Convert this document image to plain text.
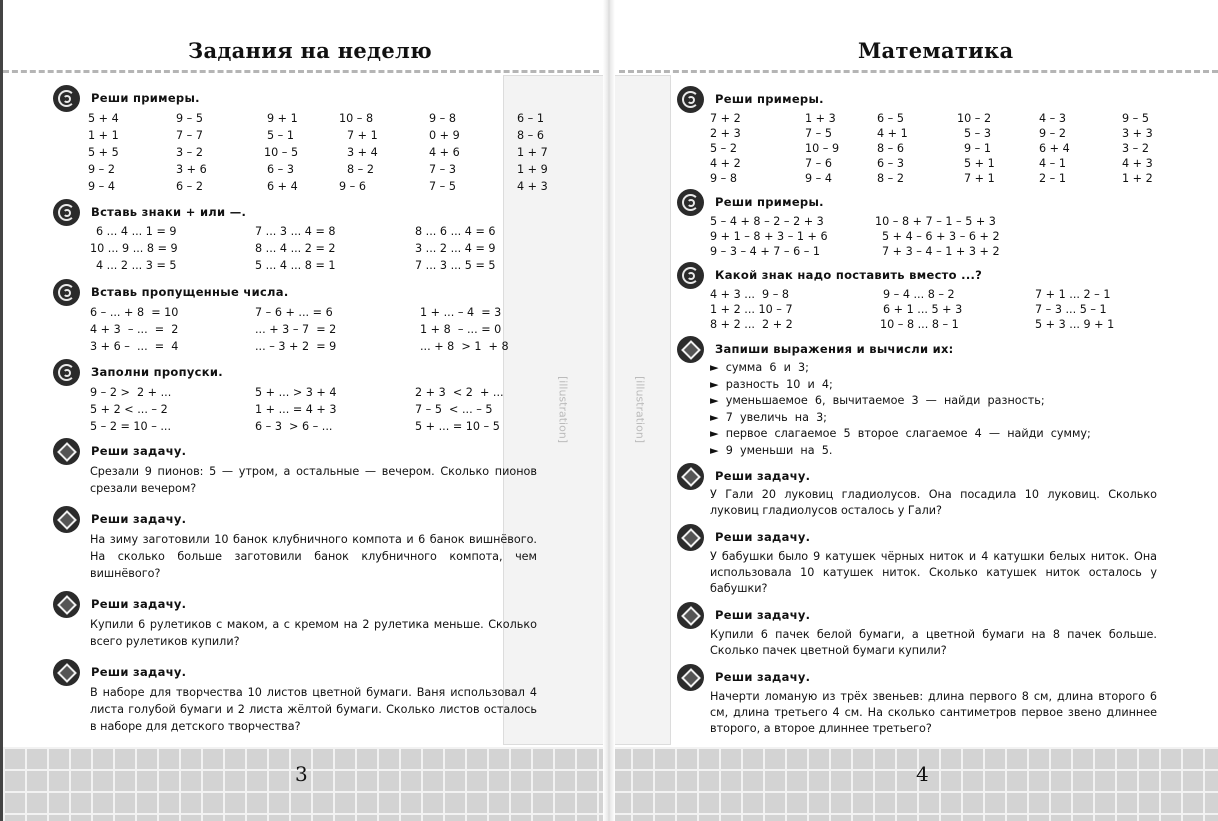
Задания на неделю
[illustration]
Реши примеры.
5 + 4	9 – 5	9 + 1	10 – 8	9 – 8	6 – 1
1 + 1	7 – 7	5 – 1	7 + 1	0 + 9	8 – 6
5 + 5	3 – 2	10 – 5	3 + 4	4 + 6	1 + 7
9 – 2	3 + 6	6 – 3	8 – 2	7 – 3	1 + 9
9 – 4	6 – 2	6 + 4	9 – 6	7 – 5	4 + 3
Вставь знаки + или —.
6 ... 4 ... 1 = 9	7 ... 3 ... 4 = 8	8 ... 6 ... 4 = 6
10 ... 9 ... 8 = 9	8 ... 4 ... 2 = 2	3 ... 2 ... 4 = 9
4 ... 2 ... 3 = 5	5 ... 4 ... 8 = 1	7 ... 3 ... 5 = 5
Вставь пропущенные числа.
6 – ... + 8  = 10	7 – 6 + ... = 6	1 + ... – 4  = 3
4 + 3  – ...  =  2	... + 3 – 7  = 2	1 + 8  – ... = 0
3 + 6 –  ...  =  4	... – 3 + 2  = 9	... + 8  > 1  + 8
Заполни пропуски.
9 – 2 >  2 + ...	5 + ... > 3 + 4	2 + 3  < 2  + ...
5 + 2 < ... – 2	1 + ... = 4 + 3	7 – 5  < ... – 5
5 – 2 = 10 – ...	6 – 3  > 6 – ...	5 + ... = 10 – 5
Реши задачу.
Срезали 9 пионов: 5 — утром, а остальные — вечером. Сколько пионов срезали вечером?
Реши задачу.
На зиму заготовили 10 банок клубничного компота и 6 банок вишнёвого. На сколько больше заготовили банок клубничного компота, чем вишнёвого?
Реши задачу.
Купили 6 рулетиков с маком, а с кремом на 2 рулетика меньше. Сколько всего рулетиков купили?
Реши задачу.
В наборе для творчества 10 листов цветной бумаги. Ваня использовал 4 листа голубой бумаги и 2 листа жёлтой бумаги. Сколько листов осталось в наборе для детского творчества?
3
Математика
[illustration]
Реши примеры.
7 + 2	1 + 3	6 – 5	10 – 2	4 – 3	9 – 5
2 + 3	7 – 5	4 + 1	5 – 3	9 – 2	3 + 3
5 – 2	10 – 9	8 – 6	9 – 1	6 + 4	3 – 2
4 + 2	7 – 6	6 – 3	5 + 1	4 – 1	4 + 3
9 – 8	9 – 4	8 – 2	7 + 1	2 – 1	1 + 2
Реши примеры.
5 – 4 + 8 – 2 – 2 + 3	10 – 8 + 7 – 1 – 5 + 3
9 + 1 – 8 + 3 – 1 + 6	5 + 4 – 6 + 3 – 6 + 2
9 – 3 – 4 + 7 – 6 – 1	7 + 3 – 4 – 1 + 3 + 2
Какой знак надо поставить вместо ...?
4 + 3 ...  9 – 8	9 – 4 ... 8 – 2	7 + 1 ... 2 – 1
1 + 2 ... 10 – 7	6 + 1 ... 5 + 3	7 – 3 ... 5 – 1
8 + 2 ...  2 + 2	10 – 8 ... 8 – 1	5 + 3 ... 9 + 1
Запиши выражения и вычисли их:
►  сумма  6  и  3;
►  разность  10  и  4;
►  уменьшаемое  6,  вычитаемое  3  —  найди  разность;
►  7  увеличь  на  3;
►  первое  слагаемое  5  второе  слагаемое  4  —  найди  сумму;
►  9  уменьши  на  5.
Реши задачу.
У Гали 20 луковиц гладиолусов. Она посадила 10 луковиц. Сколько луковиц гладиолусов осталось у Гали?
Реши задачу.
У бабушки было 9 катушек чёрных ниток и 4 катушки белых ниток. Она использовала 10 катушек ниток. Сколько катушек ниток осталось у бабушки?
Реши задачу.
Купили 6 пачек белой бумаги, а цветной бумаги на 8 пачек больше. Сколько пачек цветной бумаги купили?
Реши задачу.
Начерти ломаную из трёх звеньев: длина первого 8 см, длина второго 6 см, длина третьего 4 см. На сколько сантиметров первое звено длиннее второго, а второе длиннее третьего?
4
